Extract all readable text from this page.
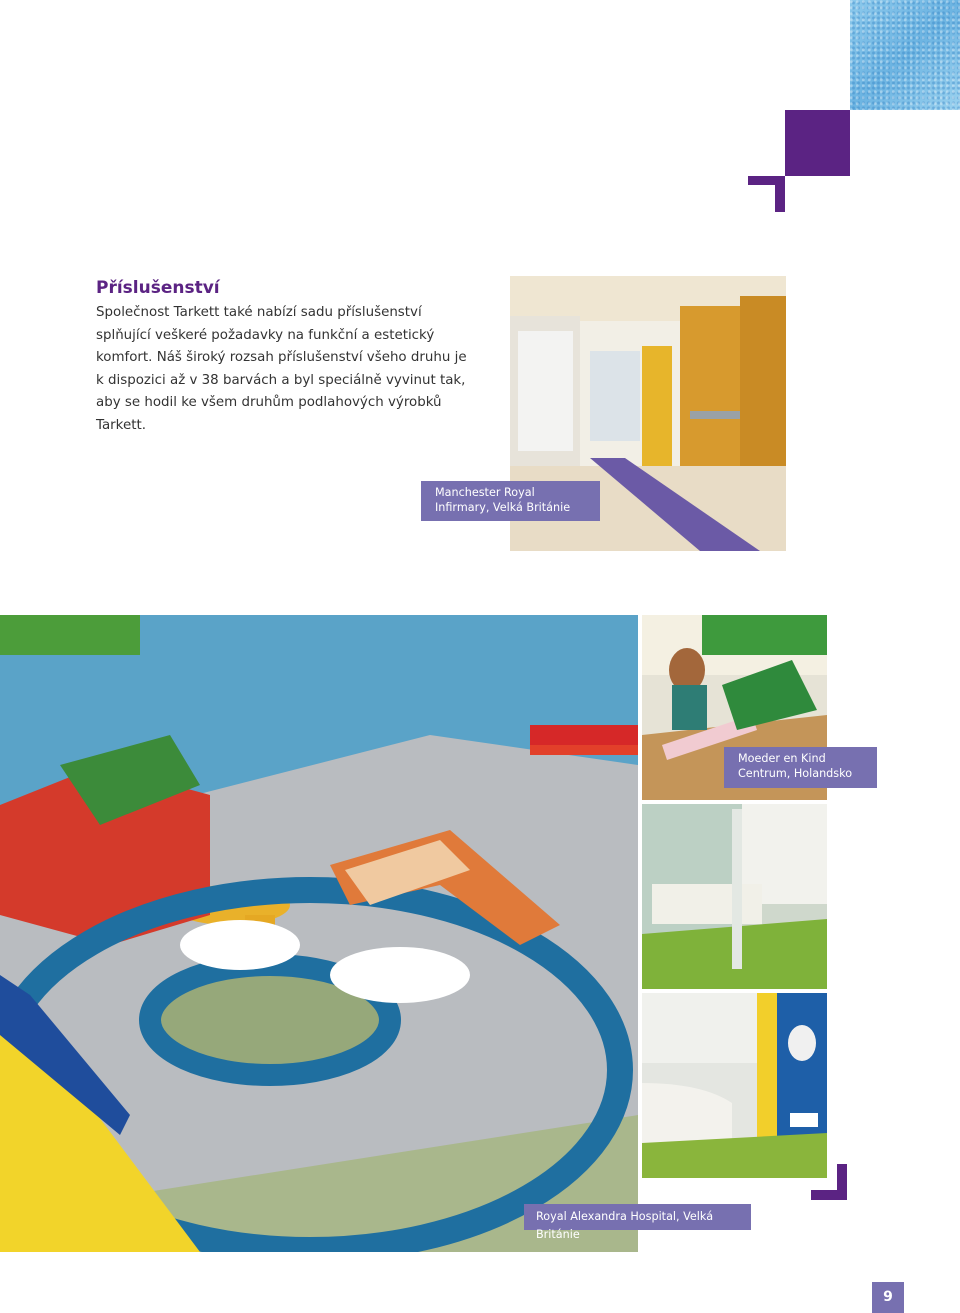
Příslušenství

Společnost Tarkett také nabízí sadu příslušenství splňující veškeré požadavky na funkční a estetický komfort. Náš široký rozsah příslušenství všeho druhu je k dispozici až v 38 barvách a byl speciálně vyvinut tak, aby se hodil ke všem druhům podlahových výrobků Tarkett.

Manchester Royal Infirmary, Velká Británie
Moeder en Kind Centrum, Holandsko
Royal Alexandra Hospital, Velká Británie
9
